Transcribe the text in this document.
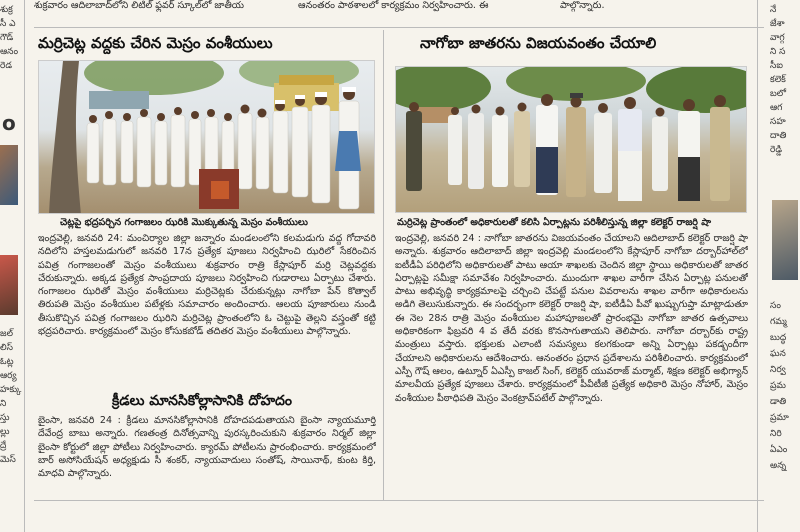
శుక్ర
సీ ఎ
గౌడ్
ఆనం
రెడ
o
జల్
లిస్
ఓట్ల
ఆర్య
హక్కు
ని
స్తు
ల్లు
ద్రే
మెస్
శుక్రవారం ఆదిలాబాద్‌లోని లిటిల్ ఫ్లవర్ స్కూల్‌లో జాతీయ	ఆనంతరం పాఠశాలలో కార్యక్రమం నిర్వహించారు. ఈ	పాల్గొన్నారు.
మర్రిచెట్ల వద్దకు చేరిన మెస్రం వంశీయులు
చెట్లపై భద్రపర్చిన గంగాజలం ఝరికి మొక్కుతున్న మెస్రం వంశీయులు
ఇంద్రవెల్లి, జనవరి 24: మంచిర్యాల జిల్లా జన్నారం మండలంలోని కలమడుగు వద్ద గోదావరి నదిలోని హస్తలమడుగులో జనవరి 17న ప్రత్యేక పూజలు నిర్వహించి ఝరిలో సేకరించిన పవిత్ర గంగాజలంతో మెస్రం వంశీయులు శుక్రవారం రాత్రి కేస్లాపూర్ మర్రి చెట్లవద్దకు చేరుకున్నారు. అక్కడ ప్రత్యేక సాంప్రదాయ పూజలు నిర్వహించి గుడారాలు ఏర్పాటు చేశారు. గంగాజలం ఝరితో మెస్రం వంశీయులు మర్రిచెట్లకు చేరుకున్నట్లు నాగోబా పేన్ కొత్వాల్ తిరుపతి మెస్రం వంశీయుల పటేళ్లకు సమాచారం అందించారు. ఆలయ పూజారులు నుండి తీసుకొచ్చిన పవిత్ర గంగాజలం ఝరిని మర్రిచెట్ల ప్రాంతంలోని ఓ చెట్టుపై తెల్లని వస్త్రంతో కట్టి భద్రపరిచారు. కార్యక్రమంలో మెస్రం కోసుకబోడ్ తదితర మెస్రం వంశీయులు పాల్గొన్నారు.
క్రీడలు మానసికోల్లాసానికి దోహదం
బైంసా, జనవరి 24 : క్రీడలు మానసికోల్లాసానికి దోహదపడుతాయని బైంసా న్యాయమూర్తి దేవేంద్ర బాబు అన్నారు. గణతంత్ర దినోత్సవాన్ని పురస్కరించుకుని శుక్రవారం నిర్మల్ జిల్లా బైంసా కోర్టులో జిల్లా పోటీలు నిర్వహించారు. క్యారమ్ పోటీలను ప్రారంభించారు. కార్యక్రమంలో బార్ అసోసియేషన్ అధ్యక్షుడు సీ శంకర్, న్యాయవాదులు సంతోష్, సాయినాథ్, కుంట కిర్తి, మాధవి పాల్గొన్నారు.
నాగోబా జాతరను విజయవంతం చేయాలి
మర్రిచెట్ల ప్రాంతంలో అధికారులతో కలిసి ఏర్పాట్లను పరిశీలిస్తున్న జిల్లా కలెక్టర్ రాజర్షి షా
ఇంద్రవెల్లి, జనవరి 24 : నాగోబా జాతరను విజయవంతం చేయాలని ఆదిలాబాద్ కలెక్టర్ రాజర్షి షా అన్నారు. శుక్రవారం ఆదిలాబాద్ జిల్లా ఇంద్రవెల్లి మండలంలోని కేస్లాపూర్ నాగోబా దర్బార్‌హాల్‌లో ఐటీడీఏ పరిధిలోని అధికారులతో పాటు ఆయా శాఖలకు చెందిన జిల్లా స్థాయి అధికారులతో జాతర ఏర్పాట్లపై సమీక్షా సమావేశం నిర్వహించారు. ముందుగా శాఖల వారీగా చేసిన ఏర్పాట్ల పనులతో పాటు అభివృద్ధి కార్యక్రమాలపై చర్చించి చేపట్టే పనుల వివరాలను శాఖల వారీగా అధికారులను అడిగి తెలుసుకున్నారు. ఈ సందర్భంగా కలెక్టర్ రాజర్షి షా, ఐటీడీఏ పీవో ఖుష్బుగుప్తా మాట్లాడుతూ ఈ నెల 28న రాత్రి మెస్రం వంశీయుల మహాపూజలతో ప్రారంభమై నాగోబా జాతర ఉత్సవాలు అధికారికంగా ఫిబ్రవరి 4 వ తేదీ వరకు కొనసాగుతాయని తెలిపారు. నాగోబా దర్బార్‌కు రాష్ట్ర మంత్రులు వస్తారు. భక్తులకు ఎలాంటి సమస్యలు కలగకుండా అన్ని ఏర్పాట్లు పకడ్బందీగా చేయాలని అధికారులను ఆదేశించారు. ఆనంతరం ప్రధాన ప్రదేశాలను పరిశీలించారు. కార్యక్రమంలో ఎస్పీ గౌష్ ఆలం, ఉట్నూర్ ఏఎస్పీ కాజల్ సింగ్, కలెక్టర్ యువరాజ్ మర్మాట్, శిక్షణ కలెక్టర్ అభిగ్యాన్ మాలవీయ ప్రత్యేక పూజలు చేశారు. కార్యక్రమంలో పీవీటీజీ ప్రత్యేక అధికారి మెస్రం నోహార్, మెస్రం వంశీయుల పీఠాధిపతి మెస్రం వెంకట్రావ్‌పటేల్ పాల్గొన్నారు.
నే
జేశా
వాగ్గ
ని స
సీఐ
కలెక్
బలో
ఆగ
సహ
దాతి
రెడ్డి
సం
గమ్మ
బుద్ధ
ఘన
నిర్వ
ప్రమ
డాతి
ప్రమా
నిరి
ఏఎం
అన్న
